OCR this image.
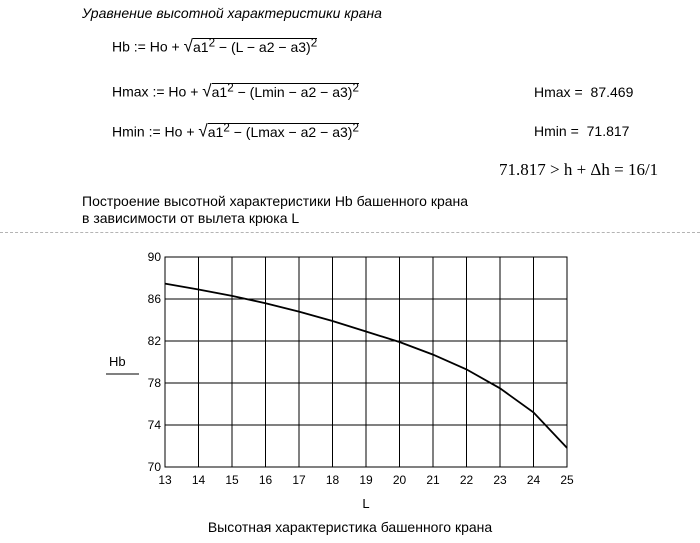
Уравнение высотной характеристики крана
Hb := $Ho + √a1^2 - (L - a2 - a3)^2$
Hmax := $Ho + √a1^2 - (Lmin - a2 - a3)^2$
Hmin := $Ho + √a1^2 - (Lmax - a2 - a3)^2$
Hmax = 87.469
Hmin = 71.817
71.817 > h + Δh = 16/1
Построение высотной характеристики Hb башенного крана
в зависимости от вылета крюка L
13 14 15 16 17 18 19 20 21 22 23 24 25
70
74
78
82
86
90
L
Hb
Высотная характеристика башенного крана
